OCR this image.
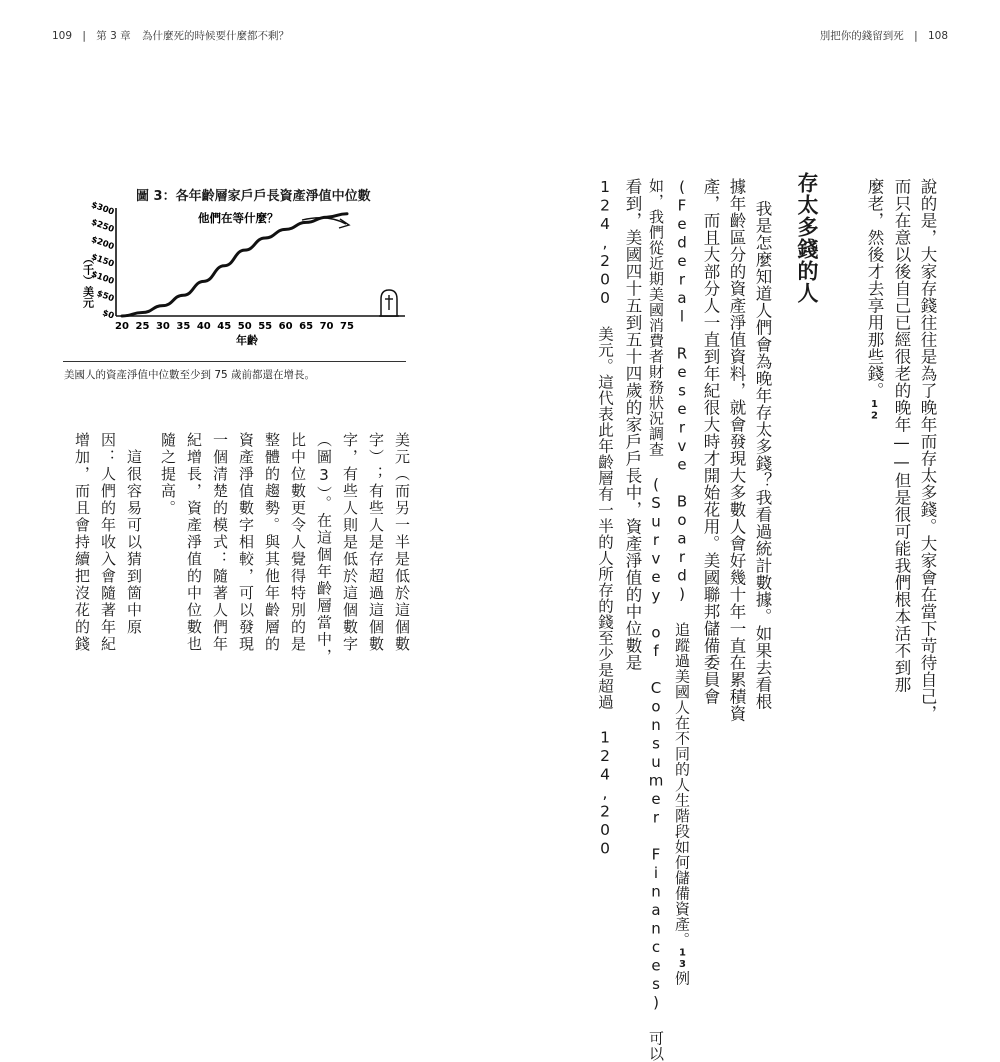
109 | 第 3 章 為什麼死的時候要什麼都不剩？	別把你的錢留到死 | 108
說的是，大家存錢往往是為了晚年而存太多錢。大家會在當下苛待自己，
而只在意以後自己已經很老的晚年——但是很可能我們根本活不到那
麼老，然後才去享用那些錢。12
存太多錢的人
我是怎麼知道人們會為晚年存太多錢？我看過統計數據。如果去看根
據年齡區分的資產淨值資料，就會發現大多數人會好幾十年一直在累積資
產，而且大部分人一直到年紀很大時才開始花用。美國聯邦儲備委員會
(Federal Reserve Board) 追蹤過美國人在不同的人生階段如何儲備資產。13例
如，我們從近期美國消費者財務狀況調查 (Survey of Consumer Finances) 可以
看到，美國四十五到五十四歲的家戶戶長中，資產淨值的中位數是
124,200 美元。這代表此年齡層有一半的人所存的錢至少是超過 124,200
美元（而另一半是低於這個數
字）；有些人是存超過這個數
字，有些人則是低於這個數字
（圖3）。在這個年齡層當中，
比中位數更令人覺得特別的是
整體的趨勢。與其他年齡層的
資產淨值數字相較，可以發現
一個清楚的模式：隨著人們年
紀增長，資產淨值的中位數也
隨之提高。
　這很容易可以猜到箇中原
因：人們的年收入會隨著年紀
增加，而且會持續把沒花的錢
圖 3：各年齡層家戶戶長資產淨值中位數
（千）美元
他們在等什麼？
$0
$50
$100
$150
$200
$250
$300
20 25 30 35 40 45 50 55 60 65 70 75
年齡
美國人的資產淨值中位數至少到 75 歲前都還在增長。
